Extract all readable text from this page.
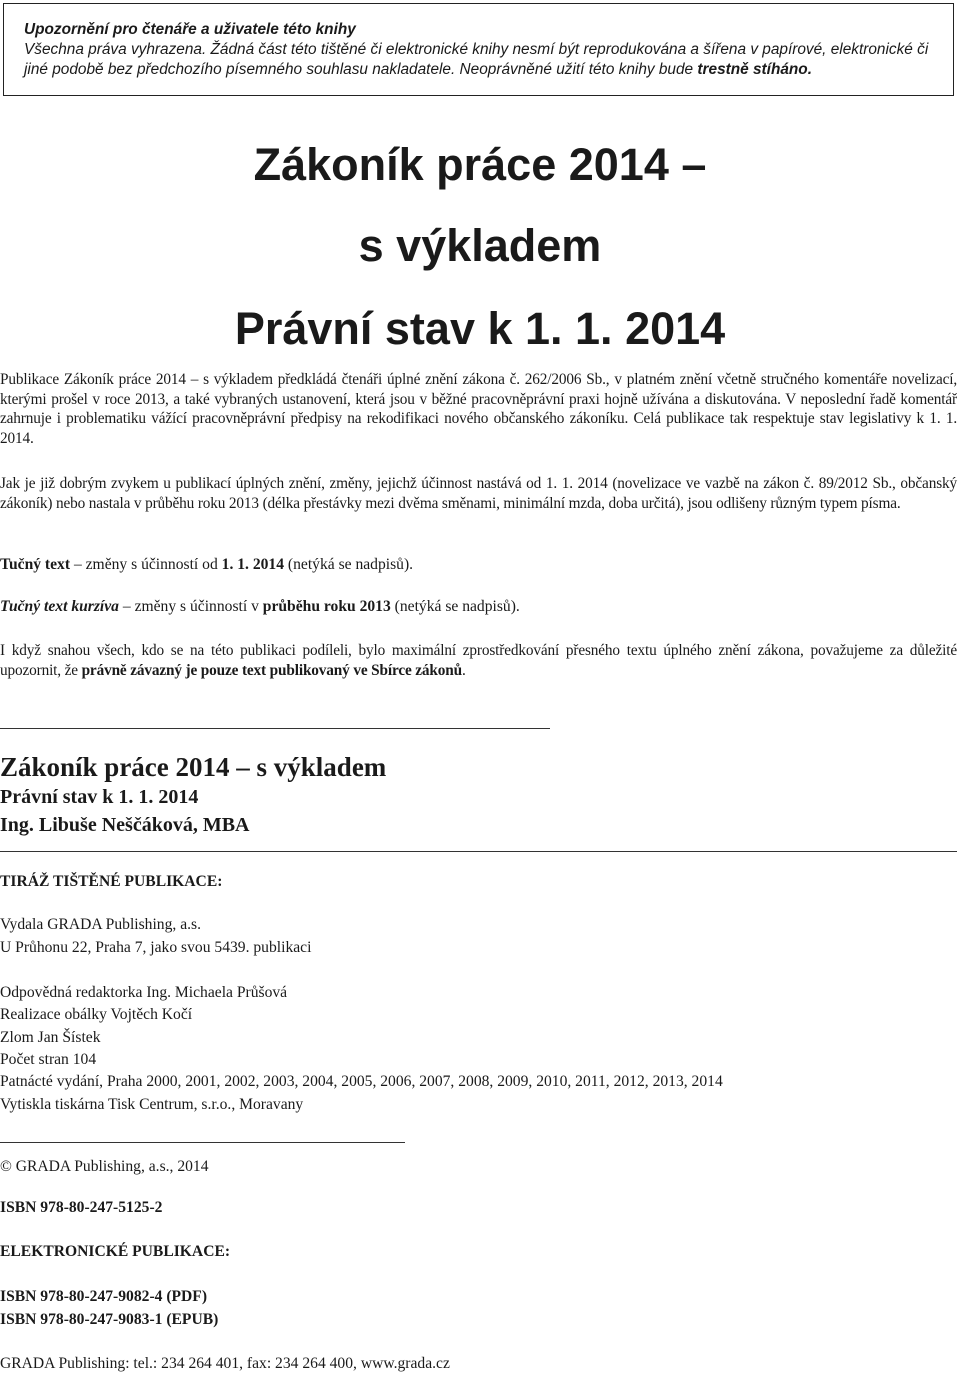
Upozornění pro čtenáře a uživatele této knihy
Všechna práva vyhrazena. Žádná část této tištěné či elektronické knihy nesmí být reprodukována a šířena v papírové, elektronické či jiné podobě bez předchozího písemného souhlasu nakladatele. Neoprávněné užití této knihy bude trestně stíháno.
Zákoník práce 2014 –
s výkladem
Právní stav k 1. 1. 2014

Publikace Zákoník práce 2014 – s výkladem předkládá čtenáři úplné znění zákona č. 262/2006 Sb., v platném znění včetně stručného komentáře novelizací, kterými prošel v roce 2013, a také vybraných ustanovení, která jsou v běžné pracovněprávní praxi hojně užívána a diskutována. V neposlední řadě komentář zahrnuje i problematiku vážící pracovněprávní předpisy na rekodifikaci nového občanského zákoníku. Celá publikace tak respektuje stav legislativy k 1. 1. 2014.

Jak je již dobrým zvykem u publikací úplných znění, změny, jejichž účinnost nastává od 1. 1. 2014 (novelizace ve vazbě na zákon č. 89/2012 Sb., občanský zákoník) nebo nastala v průběhu roku 2013 (délka přestávky mezi dvěma směnami, minimální mzda, doba určitá), jsou odlišeny různým typem písma.

Tučný text – změny s účinností od 1. 1. 2014 (netýká se nadpisů).

Tučný text kurzíva – změny s účinností v průběhu roku 2013 (netýká se nadpisů).

I když snahou všech, kdo se na této publikaci podíleli, bylo maximální zprostředkování přesného textu úplného znění zákona, považujeme za důležité upozornit, že právně závazný je pouze text publikovaný ve Sbírce zákonů.

Zákoník práce 2014 – s výkladem
Právní stav k 1. 1. 2014
Ing. Libuše Neščáková, MBA

TIRÁŽ TIŠTĚNÉ PUBLIKACE:

Vydala GRADA Publishing, a.s.

U Průhonu 22, Praha 7, jako svou 5439. publikaci

Odpovědná redaktorka Ing. Michaela Průšová

Realizace obálky Vojtěch Kočí

Zlom Jan Šístek

Počet stran 104

Patnácté vydání, Praha 2000, 2001, 2002, 2003, 2004, 2005, 2006, 2007, 2008, 2009, 2010, 2011, 2012, 2013, 2014

Vytiskla tiskárna Tisk Centrum, s.r.o., Moravany

© GRADA Publishing, a.s., 2014

ISBN 978-80-247-5125-2

ELEKTRONICKÉ PUBLIKACE:

ISBN 978-80-247-9082-4 (PDF)

ISBN 978-80-247-9083-1 (EPUB)

GRADA Publishing: tel.: 234 264 401, fax: 234 264 400, www.grada.cz
